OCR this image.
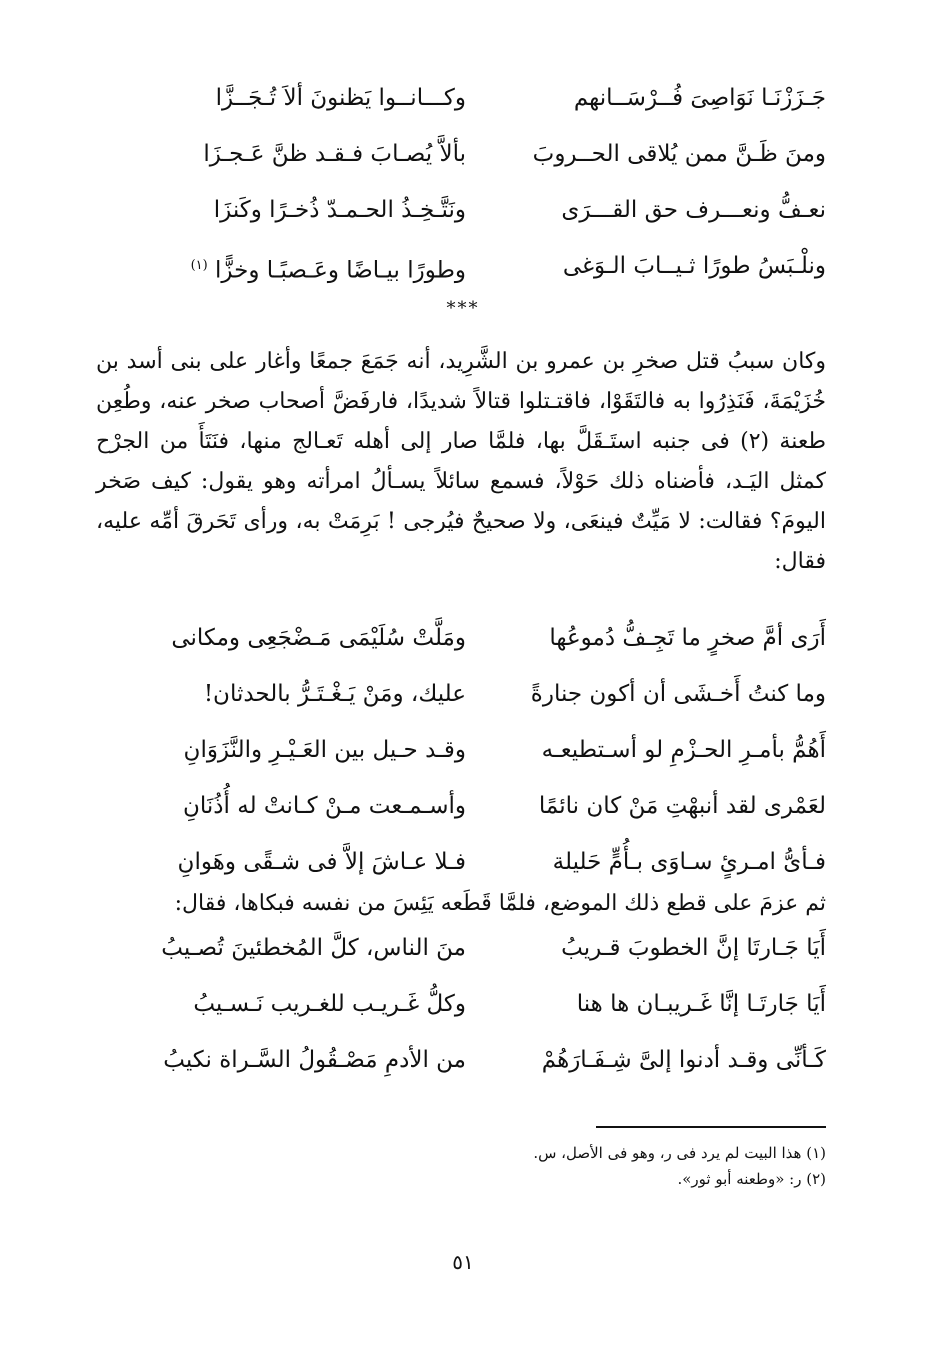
جَـزَزْنَـا نَوَاصِىَ فُــرْسَــانهم
وكـــانــوا يَظنونَ ألاَ تُـجَــزَّا
ومنَ ظَـنَّ ممن يُلاقى الحــروبَ
بألاَّ يُصـابَ فـقـد ظنَّ عَـجـزَا
نعـفُّ ونعـــرف حق القـــرَى
ونَتَّـخِـذُ الحـمـدّ ذُخـرًا وكَنزَا
ونلْـبَسُ طورًا ثـيــابَ الـوَغى
وطورًا بيـاضًا وعَـصبًـا وخزًّا $^{(١)}$
***

وكان سببُ قتل صخرِ بن عمرو بن الشَّرِيد، أنه جَمَعَ جمعًا وأغار على بنى أسد بن خُزَيْمَةَ، فَنَذِرُوا به فالتَقَوْا، فاقتـتلوا قتالاً شديدًا، فارفَضَّ أصحاب صخر عنه، وطُعِن طعنة (٢) فى جنبه استَـقَلَّ بها، فلمَّا صار إلى أهله تَعـالج منها، فنَتَأَ من الجرْح كمثل اليَـد، فأضناه ذلك حَوْلاً، فسمع سائلاً يسـألُ امرأته وهو يقول: كيف صَخر اليومَ؟ فقالت: لا مَيِّتٌ فينعَى، ولا صحيحٌ فيُرجى ! بَرِمَتْ به، ورأى تَحَرقَ أمِّه عليه، فقال:

أَرَى أمَّ صخرٍ ما تَجِـفُّ دُموعُها
ومَلَّتْ سُلَيْمَى مَـضْجَعِى ومكانى
وما كنتُ أَخـشَى أن أكون جنارةً
عليك، ومَنْ يَـغْـتَـرُّ بالحدثان!
أَهُمُّ بأمـرِ الحـزْمِ لو أسـتطيعـه
وقـد حـيل بين العَـيْـرِ والنَّزَوَانِ
لعَمْرى لقد أنبهْتِ مَنْ كان نائمًا
وأسـمـعت مـنْ كـانتْ له أُذُنَانِ
فـأىُّ امـرئٍ سـاوَى بـأُمٍّ حَليلة
فـلا عـاشَ إلاَّ فى شـقًى وهَوانِ

ثم عزمَ على قطع ذلك الموضع، فلمَّا قَطَعه يَئِسَ من نفسه فبكاها، فقال:

أَيَا جَـارتَا إنَّ الخطوبَ قـريبُ
منَ الناس، كلَّ المُخطئينَ تُصـيبُ
أَيَا جَارتَـا إنَّا غَـريبـان ها هنا
وكلُّ غَـريـب للغـريب نَـسـيبُ
كَـأنِّى وقـد أدنوا إلىَّ شِـفَـارَهُمْ
من الأدمِ مَصْـقُولُ السَّـراة نكيبُ
(١) هذا البيت لم يرد فى ر، وهو فى الأصل، س.
(٢) ر: «وطعنه أبو ثور».
٥١
